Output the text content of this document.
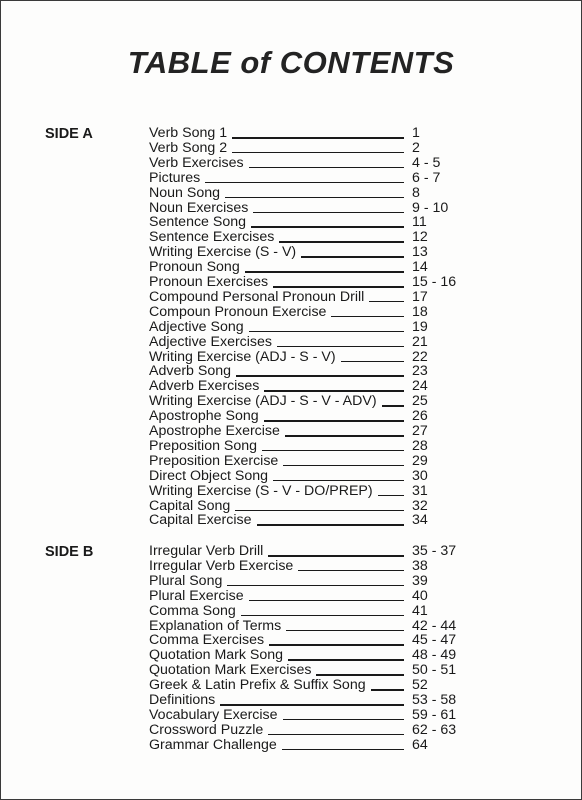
TABLE of CONTENTS
SIDE A	Verb Song 1	1
Verb Song 2	2
Verb Exercises	4 - 5
Pictures	6 - 7
Noun Song	8
Noun Exercises	9 - 10
Sentence Song	11
Sentence Exercises	12
Writing Exercise (S - V)	13
Pronoun Song	14
Pronoun Exercises	15 - 16
Compound Personal Pronoun Drill	17
Compoun Pronoun Exercise	18
Adjective Song	19
Adjective Exercises	21
Writing Exercise (ADJ - S - V)	22
Adverb Song	23
Adverb Exercises	24
Writing Exercise (ADJ - S - V - ADV) 25
Apostrophe Song	26
Apostrophe Exercise	27
Preposition Song	28
Preposition Exercise	29
Direct Object Song	30
Writing Exercise (S - V - DO/PREP)	31
Capital Song	32
Capital Exercise	34
SIDE B	Irregular Verb Drill	35 - 37
Irregular Verb Exercise	38
Plural Song	39
Plural Exercise	40
Comma Song	41
Explanation of Terms	42 - 44
Comma Exercises	45 - 47
Quotation Mark Song	48 - 49
Quotation Mark Exercises	50 - 51
Greek & Latin Prefix & Suffix Song	52
Definitions	53 - 58
Vocabulary Exercise	59 - 61
Crossword Puzzle	62 - 63
Grammar Challenge	64
